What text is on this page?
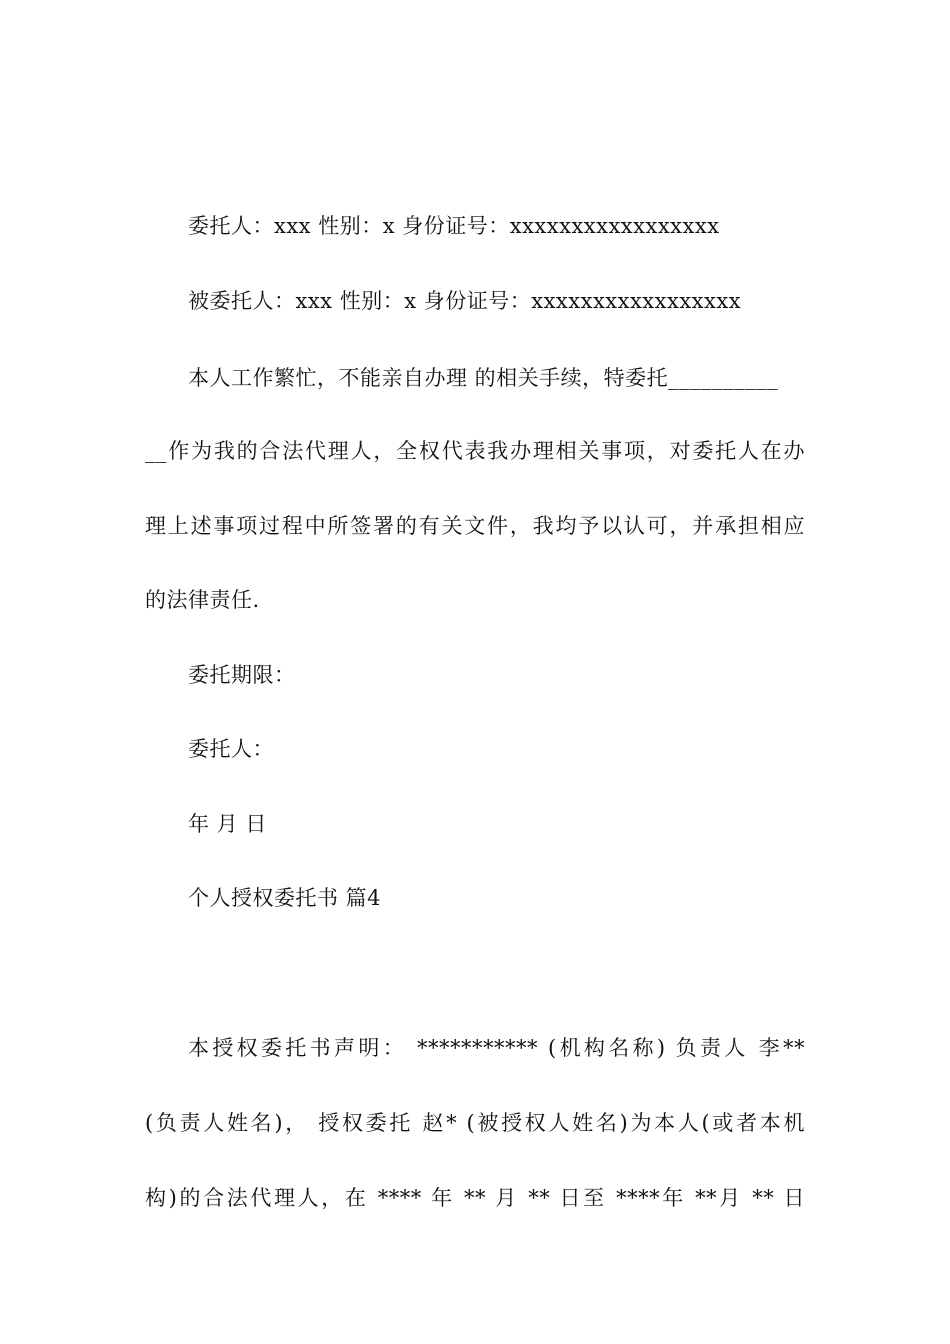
委托人：xxx 性别：x 身份证号：xxxxxxxxxxxxxxxxx
被委托人：xxx 性别：x 身份证号：xxxxxxxxxxxxxxxxx
本人工作繁忙，不能亲自办理 的相关手续，特委托__________
__作为我的合法代理人，全权代表我办理相关事项，对委托人在办
理上述事项过程中所签署的有关文件，我均予以认可，并承担相应
的法律责任.
委托期限：
委托人：
年 月 日
个人授权委托书 篇4
本授权委托书声明： *********** (机构名称) 负责人 李**
(负责人姓名)， 授权委托 赵* (被授权人姓名)为本人(或者本机
构)的合法代理人，在 **** 年 ** 月 ** 日至 ****年 **月 ** 日
